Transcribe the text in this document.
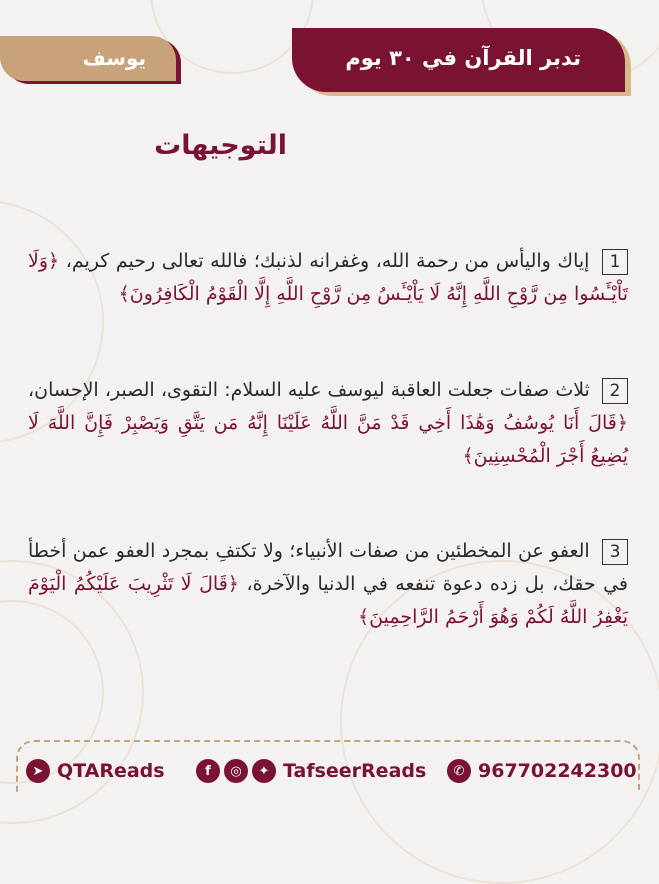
تدبر القرآن في ٣٠ يوم
يوسف
التوجيهات
1 إياك واليأس من رحمة الله، وغفرانه لذنبك؛ فالله تعالى رحيم كريم، ﴿وَلَا تَاْيْـَٔسُوا مِن رَّوْحِ اللَّهِ إِنَّهُ لَا يَاْيْـَٔسُ مِن رَّوْحِ اللَّهِ إِلَّا الْقَوْمُ الْكَافِرُونَ﴾
2 ثلاث صفات جعلت العاقبة ليوسف عليه السلام: التقوى، الصبر، الإحسان، ﴿قَالَ أَنَا يُوسُفُ وَهَٰذَا أَخِي قَدْ مَنَّ اللَّهُ عَلَيْنَا إِنَّهُ مَن يَتَّقِ وَيَصْبِرْ فَإِنَّ اللَّهَ لَا يُضِيعُ أَجْرَ الْمُحْسِنِينَ﴾
3 العفو عن المخطئين من صفات الأنبياء؛ ولا تكتفِ بمجرد العفو عمن أخطأ في حقك، بل زده دعوة تنفعه في الدنيا والآخرة، ﴿قَالَ لَا تَثْرِيبَ عَلَيْكُمُ الْيَوْمَ يَغْفِرُ اللَّهُ لَكُمْ وَهُوَ أَرْحَمُ الرَّاحِمِينَ﴾
➤ QTAReads	f	◎	✦ TafseerReads	✆ 967702242300
